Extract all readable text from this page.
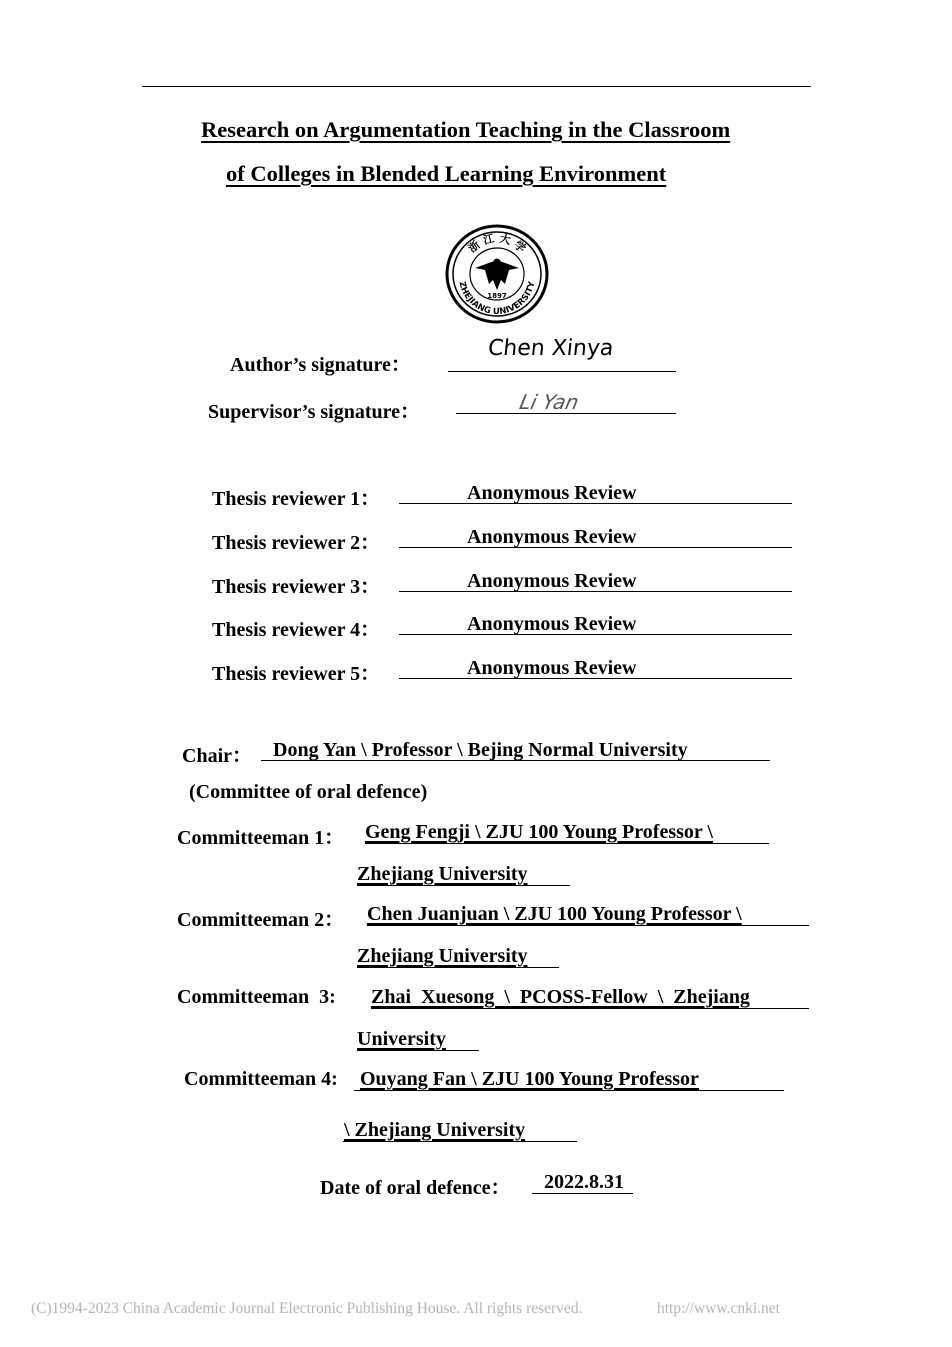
Research on Argumentation Teaching in the Classroom
of Colleges in Blended Learning Environment
浙 江 大 学
1897
ZHEJIANG UNIVERSITY
Author’s signature：
Chen Xinya
Supervisor’s signature：	Li Yan
Thesis reviewer 1：	Anonymous Review
Thesis reviewer 2：	Anonymous Review
Thesis reviewer 3：	Anonymous Review
Thesis reviewer 4：	Anonymous Review
Thesis reviewer 5：	Anonymous Review
Chair： Dong Yan \ Professor \ Bejing Normal University
(Committee of oral defence)
Committeeman 1： Geng Fengji \ ZJU 100 Young Professor \
Zhejiang University
Committeeman 2： Chen Juanjuan \ ZJU 100 Young Professor \
Zhejiang University
Committeeman  3: Zhai  Xuesong  \  PCOSS-Fellow  \  Zhejiang
University
Committeeman 4: Ouyang Fan \ ZJU 100 Young Professor
\ Zhejiang University
Date of oral defence： 2022.8.31
(C)1994-2023 China Academic Journal Electronic Publishing House. All rights reserved.	http://www.cnki.net
